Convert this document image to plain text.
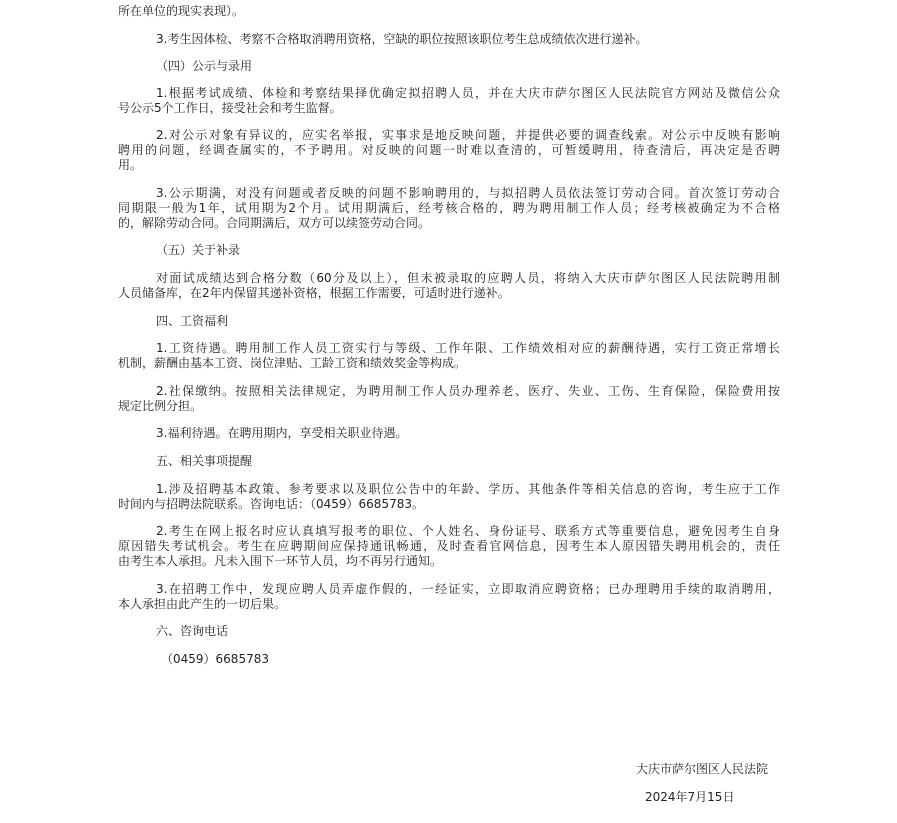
所在单位的现实表现）。
3.考生因体检、考察不合格取消聘用资格，空缺的职位按照该职位考生总成绩依次进行递补。
（四）公示与录用
1.根据考试成绩、体检和考察结果择优确定拟招聘人员，并在大庆市萨尔图区人民法院官方网站及微信公众
号公示5个工作日，接受社会和考生监督。
2.对公示对象有异议的，应实名举报，实事求是地反映问题，并提供必要的调查线索。对公示中反映有影响
聘用的问题，经调查属实的，不予聘用。对反映的问题一时难以查清的，可暂缓聘用，待查清后，再决定是否聘
用。
3.公示期满，对没有问题或者反映的问题不影响聘用的，与拟招聘人员依法签订劳动合同。首次签订劳动合
同期限一般为1年，试用期为2个月。试用期满后，经考核合格的，聘为聘用制工作人员；经考核被确定为不合格
的，解除劳动合同。合同期满后，双方可以续签劳动合同。
（五）关于补录
对面试成绩达到合格分数（60分及以上），但未被录取的应聘人员，将纳入大庆市萨尔图区人民法院聘用制
人员储备库，在2年内保留其递补资格，根据工作需要，可适时进行递补。
四、工资福利
1.工资待遇。聘用制工作人员工资实行与等级、工作年限、工作绩效相对应的薪酬待遇，实行工资正常增长
机制，薪酬由基本工资、岗位津贴、工龄工资和绩效奖金等构成。
2.社保缴纳。按照相关法律规定，为聘用制工作人员办理养老、医疗、失业、工伤、生育保险，保险费用按
规定比例分担。
3.福利待遇。在聘用期内，享受相关职业待遇。
五、相关事项提醒
1.涉及招聘基本政策、参考要求以及职位公告中的年龄、学历、其他条件等相关信息的咨询，考生应于工作
时间内与招聘法院联系。咨询电话：（0459）6685783。
2.考生在网上报名时应认真填写报考的职位、个人姓名、身份证号、联系方式等重要信息，避免因考生自身
原因错失考试机会。考生在应聘期间应保持通讯畅通，及时查看官网信息，因考生本人原因错失聘用机会的，责任
由考生本人承担。凡未入围下一环节人员，均不再另行通知。
3.在招聘工作中，发现应聘人员弄虚作假的，一经证实，立即取消应聘资格；已办理聘用手续的取消聘用，
本人承担由此产生的一切后果。
六、咨询电话
（0459）6685783
大庆市萨尔图区人民法院
2024年7月15日
